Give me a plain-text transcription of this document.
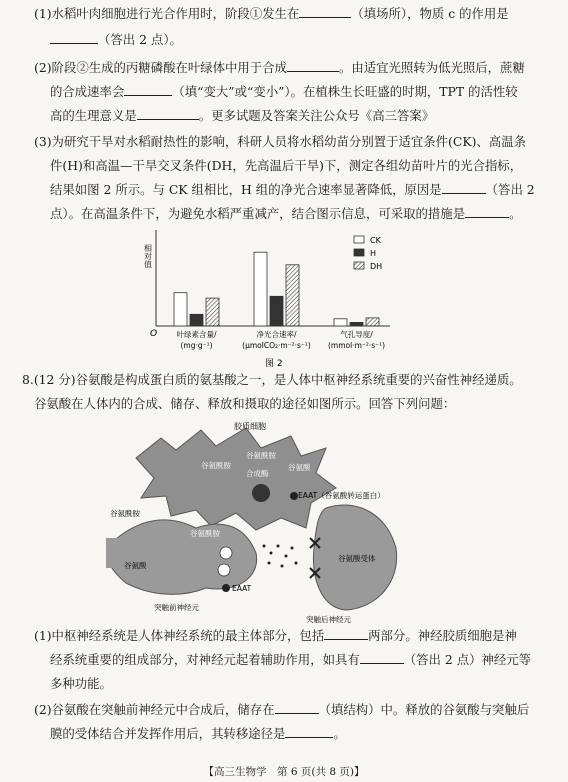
(1)水稻叶肉细胞进行光合作用时，阶段①发生在	（填场所），物质 c 的作用是
（答出 2 点）。
(2)阶段②生成的丙糖磷酸在叶绿体中用于合成	。由适宜光照转为低光照后，蔗糖
的合成速率会	（填“变大”或“变小”）。在植株生长旺盛的时期，TPT 的活性较
高的生理意义是	。更多试题及答案关注公众号《高三答案》
(3)为研究干旱对水稻耐热性的影响，科研人员将水稻幼苗分别置于适宜条件(CK)、高温条
件(H)和高温—干旱交叉条件(DH，先高温后干旱)下，测定各组幼苗叶片的光合指标，
结果如图 2 所示。与 CK 组相比，H 组的净光合速率显著降低，原因是	（答出 2
点）。在高温条件下，为避免水稻严重减产，结合图示信息，可采取的措施是	。
相对值
O	叶绿素含量/
(mg·g⁻¹)
净光合速率/
(μmolCO₂·m⁻²·s⁻¹)
气孔导度/
(mmol·m⁻²·s⁻¹)
CK
H
DH
图 2
8.(12 分)谷氨酸是构成蛋白质的氨基酸之一，是人体中枢神经系统重要的兴奋性神经递质。
谷氨酸在人体内的合成、储存、释放和摄取的途径如图所示。回答下列问题：
胶质细胞
谷氨酰胺
谷氨酰胺
谷氨酸
合成酶
EAAT（谷氨酸转运蛋白）
谷氨酰胺
谷氨酰胺
谷氨酸
EAAT
突触前神经元
谷氨酸受体
突触后神经元
(1)中枢神经系统是人体神经系统的最主体部分，包括	两部分。神经胶质细胞是神
经系统重要的组成部分，对神经元起着辅助作用，如具有	（答出 2 点）神经元等
多种功能。
(2)谷氨酸在突触前神经元中合成后，储存在	（填结构）中。释放的谷氨酸与突触后
膜的受体结合并发挥作用后，其转移途径是	。
【高三生物学　第 6 页(共 8 页)】
